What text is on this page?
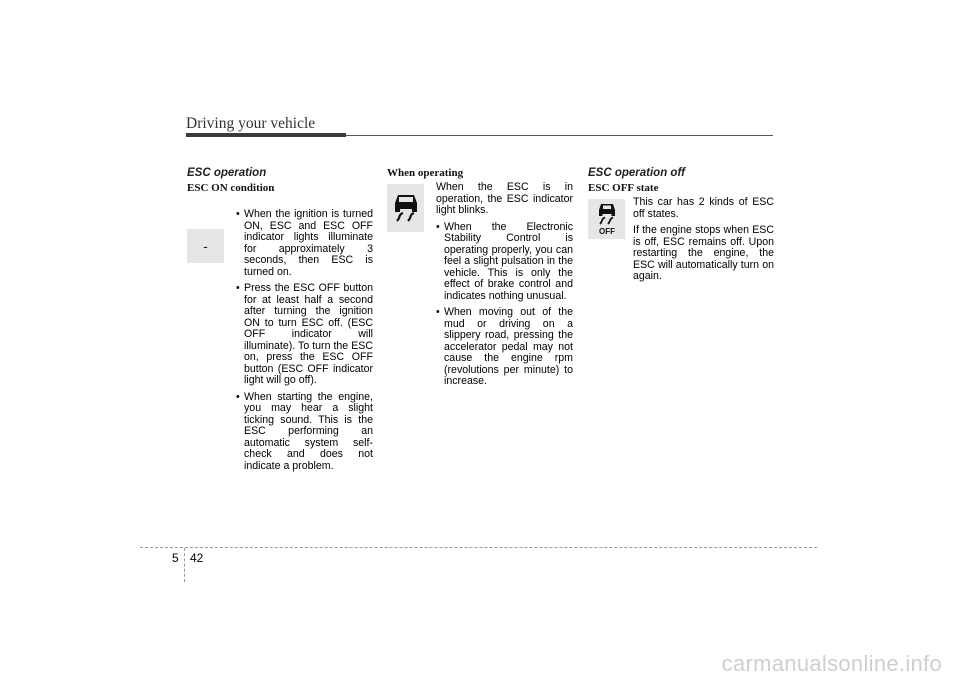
Driving your vehicle
ESC operation
ESC ON condition
-
• When the ignition is turned ON, ESC and ESC OFF indicator lights illuminate for approximately 3 seconds, then ESC is turned on.
• Press the ESC OFF button for at least half a second after turning the ignition ON to turn ESC off. (ESC OFF indicator will illuminate). To turn the ESC on, press the ESC OFF button (ESC OFF indicator light will go off).
• When starting the engine, you may hear a slight ticking sound. This is the ESC performing an automatic system self-check and does not indicate a problem.
When operating

When the ESC is in operation, the ESC indicator light blinks.

• When the Electronic Stability Control is operating properly, you can feel a slight pulsation in the vehicle. This is only the effect of brake control and indicates nothing unusual.
• When moving out of the mud or driving on a slippery road, pressing the accelerator pedal may not cause the engine rpm (revolutions per minute) to increase.
ESC operation off
ESC OFF state
OFF

This car has 2 kinds of ESC off states.

If the engine stops when ESC is off, ESC remains off. Upon restarting the engine, the ESC will automatically turn on again.

5 42
carmanualsonline.info
